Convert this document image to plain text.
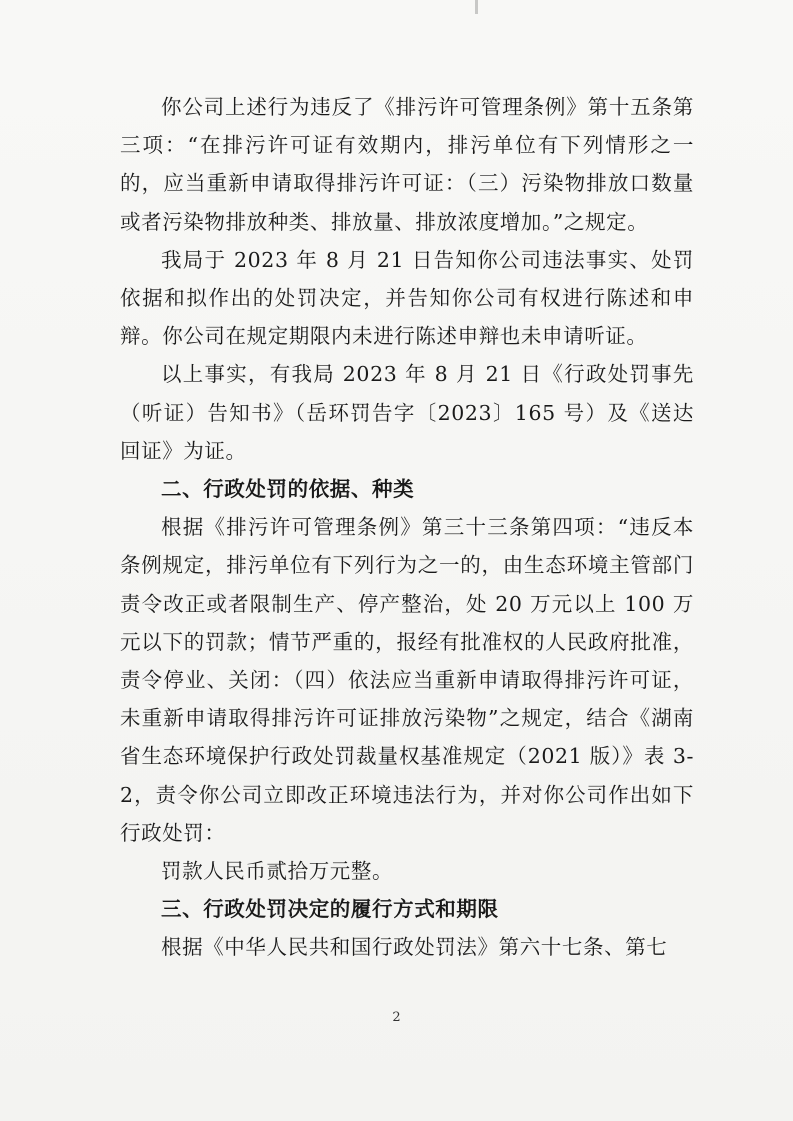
你公司上述行为违反了《排污许可管理条例》第十五条第三项：“在排污许可证有效期内，排污单位有下列情形之一的，应当重新申请取得排污许可证：（三）污染物排放口数量或者污染物排放种类、排放量、排放浓度增加。”之规定。

我局于 2023 年 8 月 21 日告知你公司违法事实、处罚依据和拟作出的处罚决定，并告知你公司有权进行陈述和申辩。你公司在规定期限内未进行陈述申辩也未申请听证。

以上事实，有我局 2023 年 8 月 21 日《行政处罚事先（听证）告知书》（岳环罚告字〔2023〕165 号）及《送达回证》为证。

二、行政处罚的依据、种类

根据《排污许可管理条例》第三十三条第四项：“违反本条例规定，排污单位有下列行为之一的，由生态环境主管部门责令改正或者限制生产、停产整治，处 20 万元以上 100 万元以下的罚款；情节严重的，报经有批准权的人民政府批准，责令停业、关闭：（四）依法应当重新申请取得排污许可证，未重新申请取得排污许可证排放污染物”之规定，结合《湖南省生态环境保护行政处罚裁量权基准规定（2021 版）》表 3-2，责令你公司立即改正环境违法行为，并对你公司作出如下行政处罚：

罚款人民币贰拾万元整。

三、行政处罚决定的履行方式和期限

根据《中华人民共和国行政处罚法》第六十七条、第七

2
